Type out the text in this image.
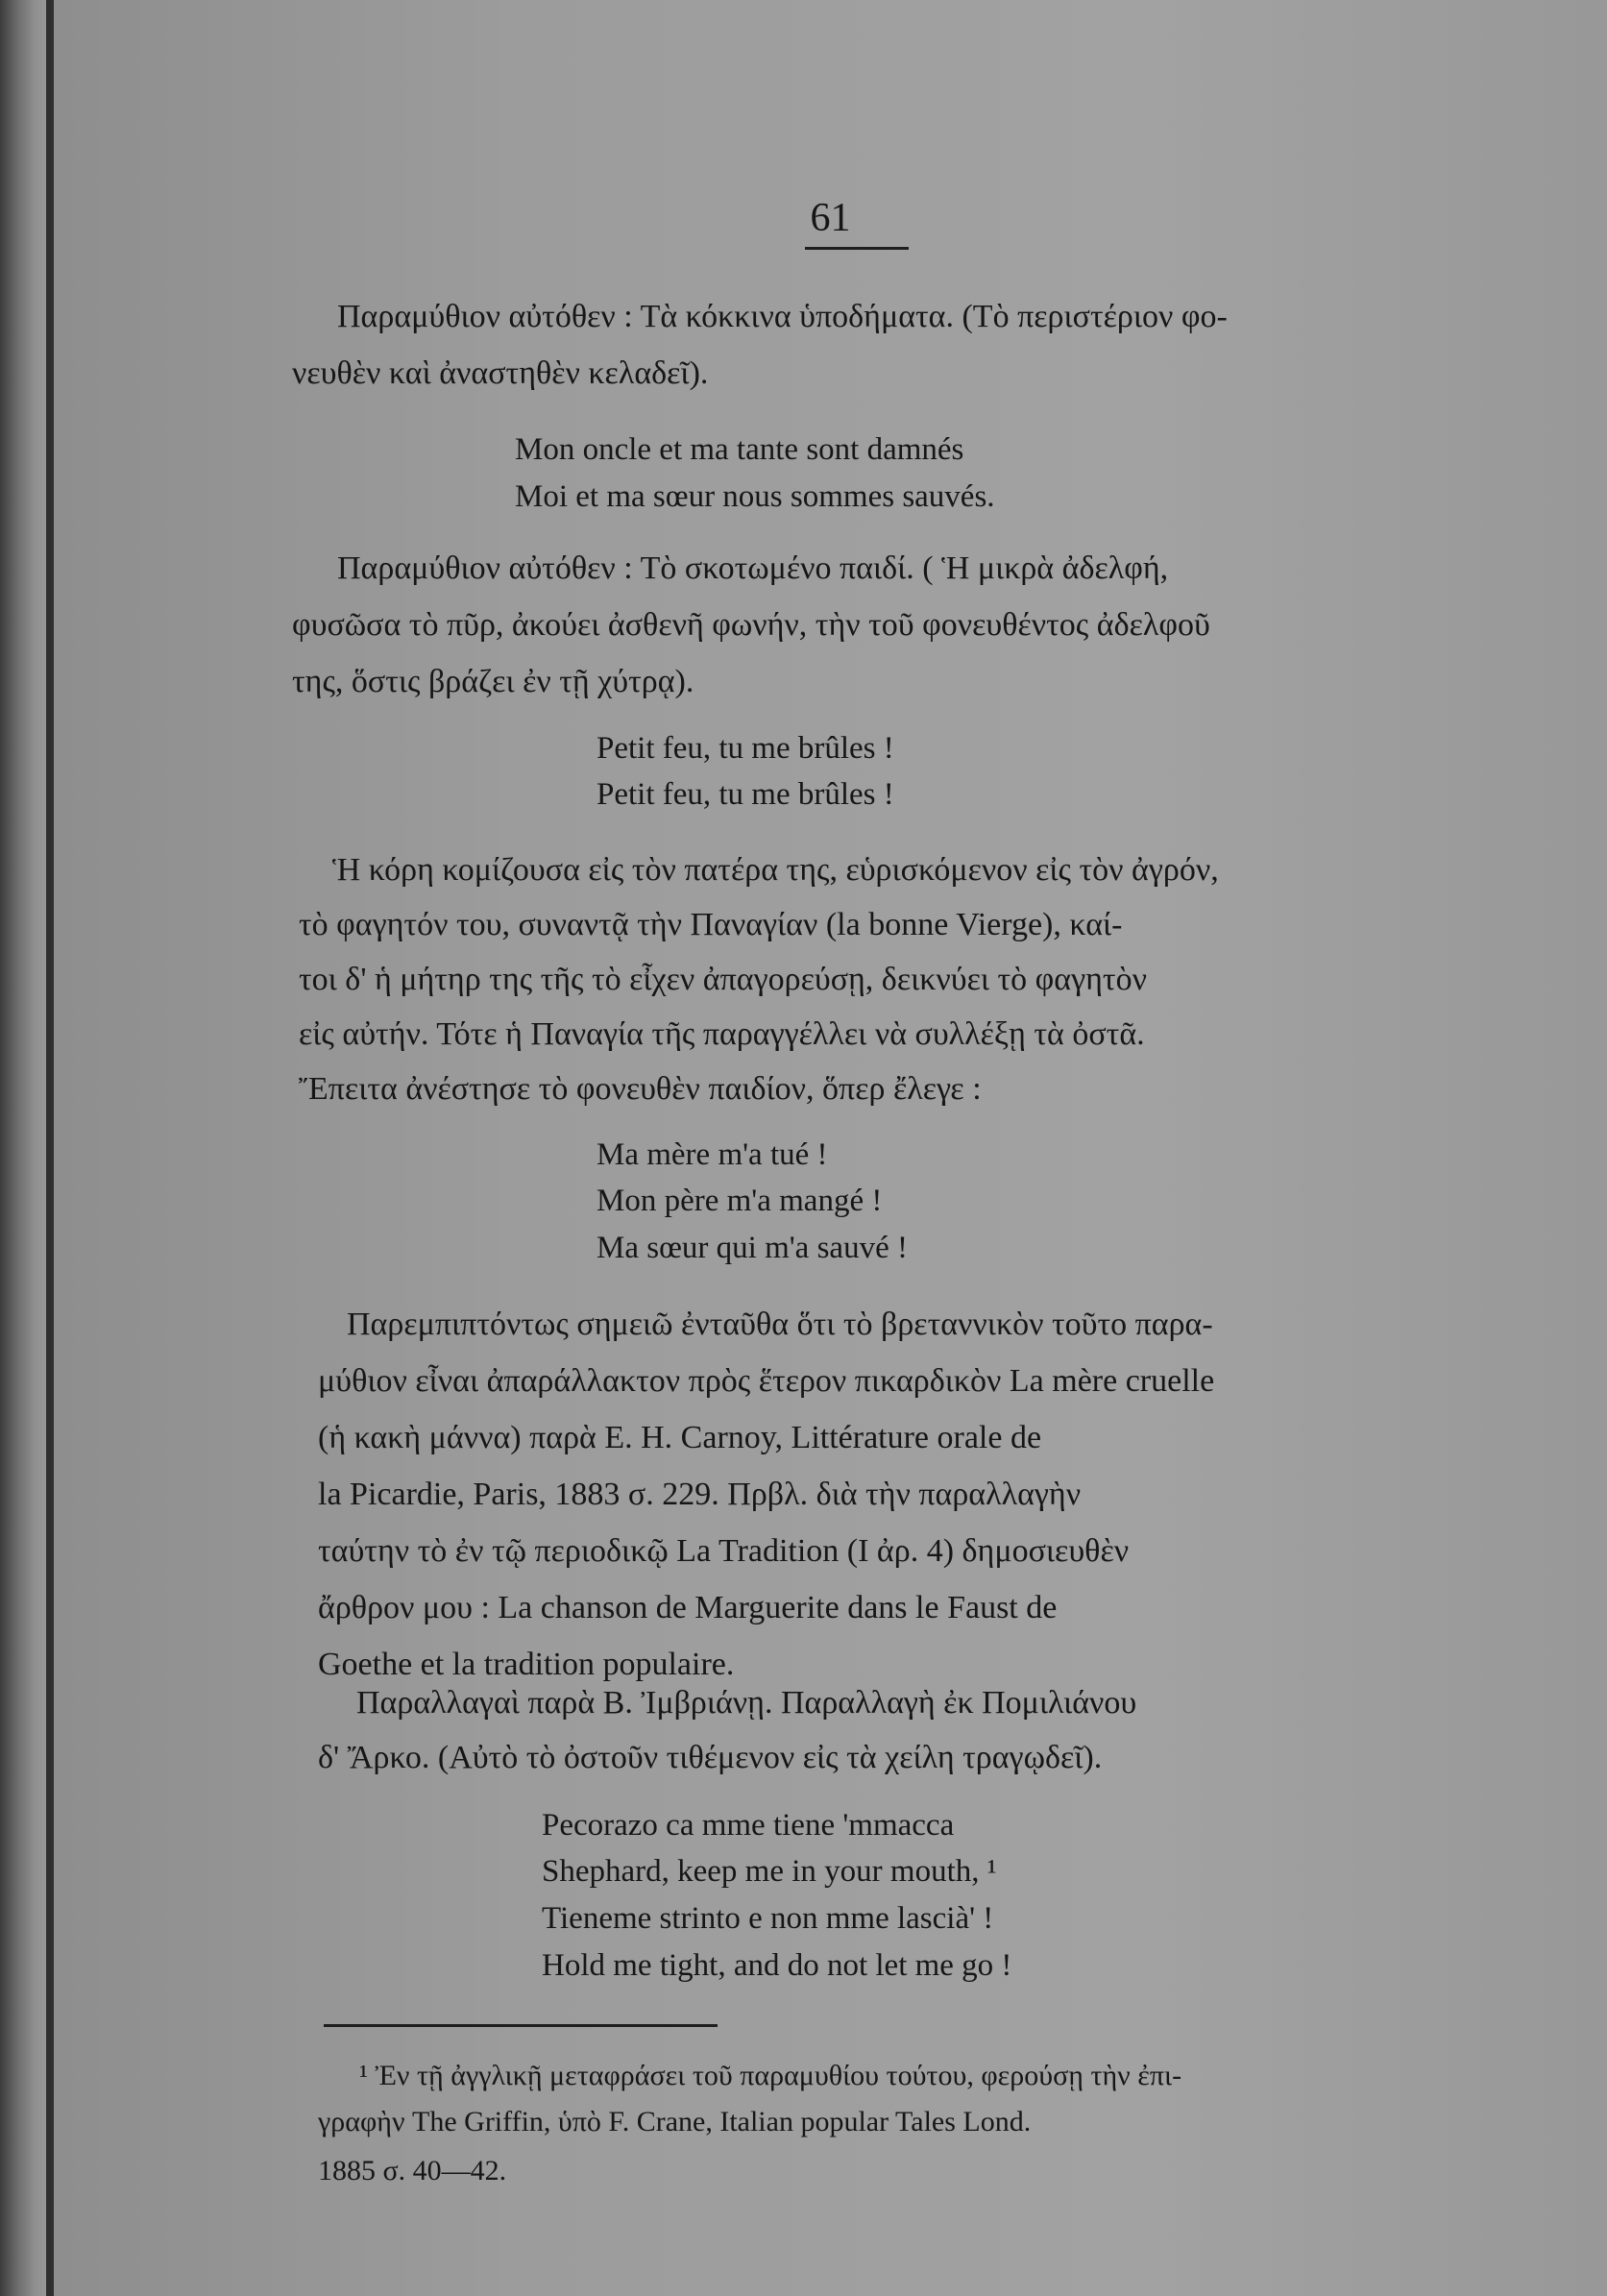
61
Παραμύθιον αὐτόθεν : Τὰ κόκκινα ὑποδήματα. (Τὸ περιστέριον φο-
νευθὲν καὶ ἀναστηθὲν κελαδεῖ).
Mon oncle et ma tante sont damnés
Moi et ma sœur nous sommes sauvés.
Παραμύθιον αὐτόθεν : Τὸ σκοτωμένο παιδί. ( Ἡ μικρὰ ἀδελφή,
φυσῶσα τὸ πῦρ, ἀκούει ἀσθενῆ φωνήν, τὴν τοῦ φονευθέντος ἀδελφοῦ
της, ὅστις βράζει ἐν τῇ χύτρᾳ).
Petit feu, tu me brûles !
Petit feu, tu me brûles !
Ἡ κόρη κομίζουσα εἰς τὸν πατέρα της, εὑρισκόμενον εἰς τὸν ἀγρόν,
τὸ φαγητόν του, συναντᾷ τὴν Παναγίαν (la bonne Vierge), καί-
τοι δ' ἡ μήτηρ της τῆς τὸ εἶχεν ἀπαγορεύσῃ, δεικνύει τὸ φαγητὸν
εἰς αὐτήν. Τότε ἡ Παναγία τῆς παραγγέλλει νὰ συλλέξῃ τὰ ὀστᾶ.
Ἔπειτα ἀνέστησε τὸ φονευθὲν παιδίον, ὅπερ ἔλεγε :
Ma mère m'a tué !
Mon père m'a mangé !
Ma sœur qui m'a sauvé !
Παρεμπιπτόντως σημειῶ ἐνταῦθα ὅτι τὸ βρεταννικὸν τοῦτο παρα-
μύθιον εἶναι ἀπαράλλακτον πρὸς ἕτερον πικαρδικὸν La mère cruelle
(ἡ κακὴ μάννα) παρὰ E. H. Carnoy, Littérature orale de
la Picardie, Paris, 1883 σ. 229. Πρβλ. διὰ τὴν παραλλαγὴν
ταύτην τὸ ἐν τῷ περιοδικῷ La Tradition (I ἀρ. 4) δημοσιευθὲν
ἄρθρον μου : La chanson de Marguerite dans le Faust de
Goethe et la tradition populaire.
Παραλλαγαὶ παρὰ Β. Ἰμβριάνῃ. Παραλλαγὴ ἐκ Πομιλιάνου
δ' Ἄρκο. (Αὐτὸ τὸ ὀστοῦν τιθέμενον εἰς τὰ χείλη τραγῳδεῖ).
Pecorazo ca mme tiene 'mmacca
Shephard, keep me in your mouth, ¹
Tieneme strinto e non mme lascià' !
Hold me tight, and do not let me go !
¹ Ἐν τῇ ἀγγλικῇ μεταφράσει τοῦ παραμυθίου τούτου, φερούσῃ τὴν ἐπι-
γραφὴν The Griffin, ὑπὸ F. Crane, Italian popular Tales Lond.
1885 σ. 40—42.
